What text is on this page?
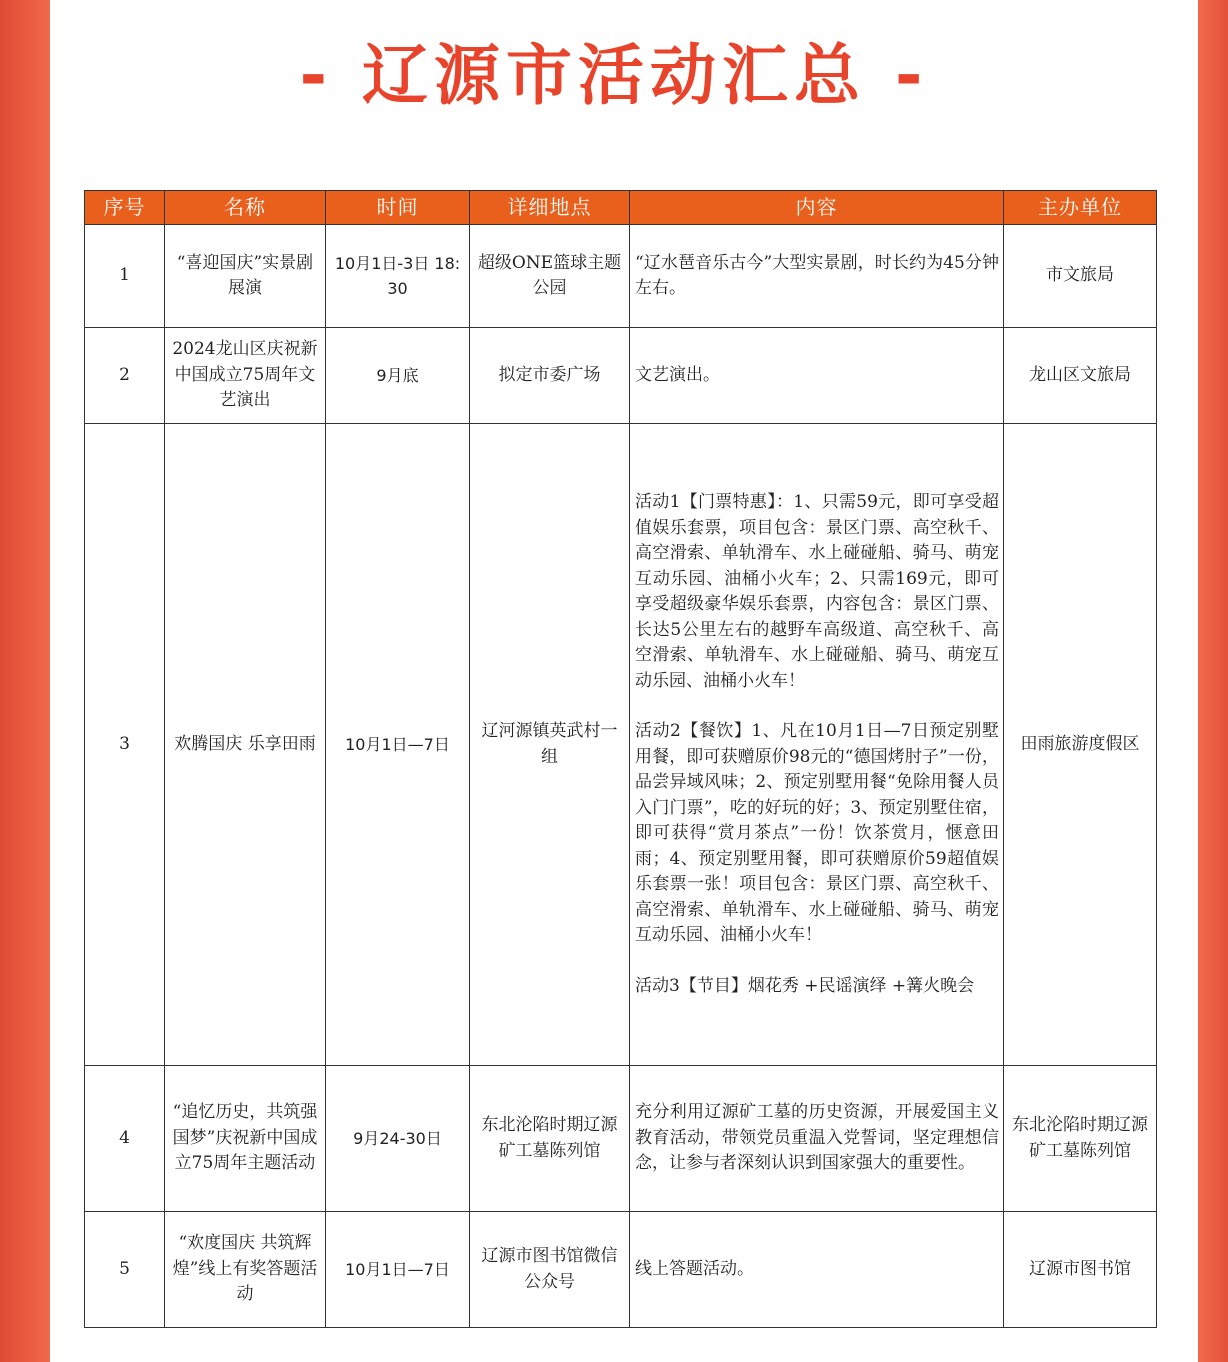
- 辽源市活动汇总 -
序号	名称	时间	详细地点	内容	主办单位
1	“喜迎国庆”实景剧展演	10月1日-3日 18:30	超级ONE篮球主题公园	“辽水琶音乐古今”大型实景剧，时长约为45分钟左右。	市文旅局
2	2024龙山区庆祝新中国成立75周年文艺演出	9月底	拟定市委广场	文艺演出。	龙山区文旅局
3	欢腾国庆 乐享田雨	10月1日—7日	辽河源镇英武村一组	活动1【门票特惠】：1、只需59元，即可享受超值娱乐套票，项目包含：景区门票、高空秋千、高空滑索、单轨滑车、水上碰碰船、骑马、萌宠互动乐园、油桶小火车；2、只需169元，即可享受超级豪华娱乐套票，内容包含：景区门票、长达5公里左右的越野车高级道、高空秋千、高空滑索、单轨滑车、水上碰碰船、骑马、萌宠互动乐园、油桶小火车！

活动2【餐饮】1、凡在10月1日—7日预定别墅用餐，即可获赠原价98元的“德国烤肘子”一份，品尝异域风味；2、预定别墅用餐“免除用餐人员入门门票”，吃的好玩的好；3、预定别墅住宿，即可获得“赏月茶点”一份！饮茶赏月，惬意田雨；4、预定别墅用餐，即可获赠原价59超值娱乐套票一张！项目包含：景区门票、高空秋千、高空滑索、单轨滑车、水上碰碰船、骑马、萌宠互动乐园、油桶小火车！

活动3【节目】烟花秀 +民谣演绎 +篝火晚会	田雨旅游度假区
4	“追忆历史，共筑强国梦”庆祝新中国成立75周年主题活动	9月24-30日	东北沦陷时期辽源矿工墓陈列馆	充分利用辽源矿工墓的历史资源，开展爱国主义教育活动，带领党员重温入党誓词，坚定理想信念，让参与者深刻认识到国家强大的重要性。	东北沦陷时期辽源矿工墓陈列馆
5	“欢度国庆 共筑辉煌”线上有奖答题活动	10月1日—7日	辽源市图书馆微信公众号	线上答题活动。	辽源市图书馆
